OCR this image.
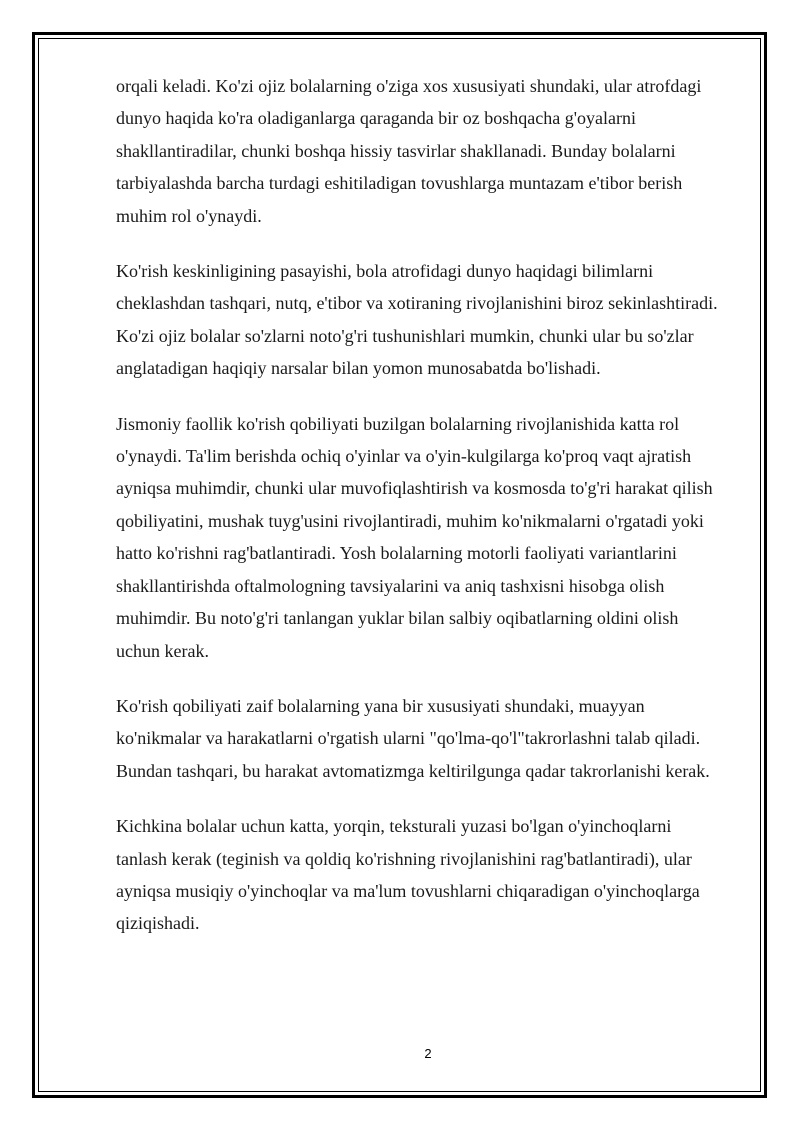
orqali keladi. Ko'zi ojiz bolalarning o'ziga xos xususiyati shundaki, ular atrofdagi dunyo haqida ko'ra oladiganlarga qaraganda bir oz boshqacha g'oyalarni shakllantiradilar, chunki boshqa hissiy tasvirlar shakllanadi. Bunday bolalarni tarbiyalashda barcha turdagi eshitiladigan tovushlarga muntazam e'tibor berish muhim rol o'ynaydi.

Ko'rish keskinligining pasayishi, bola atrofidagi dunyo haqidagi bilimlarni cheklashdan tashqari, nutq, e'tibor va xotiraning rivojlanishini biroz sekinlashtiradi. Ko'zi ojiz bolalar so'zlarni noto'g'ri tushunishlari mumkin, chunki ular bu so'zlar anglatadigan haqiqiy narsalar bilan yomon munosabatda bo'lishadi.

Jismoniy faollik ko'rish qobiliyati buzilgan bolalarning rivojlanishida katta rol o'ynaydi. Ta'lim berishda ochiq o'yinlar va o'yin-kulgilarga ko'proq vaqt ajratish ayniqsa muhimdir, chunki ular muvofiqlashtirish va kosmosda to'g'ri harakat qilish qobiliyatini, mushak tuyg'usini rivojlantiradi, muhim ko'nikmalarni o'rgatadi yoki hatto ko'rishni rag'batlantiradi. Yosh bolalarning motorli faoliyati variantlarini shakllantirishda oftalmologning tavsiyalarini va aniq tashxisni hisobga olish muhimdir. Bu noto'g'ri tanlangan yuklar bilan salbiy oqibatlarning oldini olish uchun kerak.

Ko'rish qobiliyati zaif bolalarning yana bir xususiyati shundaki, muayyan ko'nikmalar va harakatlarni o'rgatish ularni "qo'lma-qo'l"takrorlashni talab qiladi. Bundan tashqari, bu harakat avtomatizmga keltirilgunga qadar takrorlanishi kerak.

Kichkina bolalar uchun katta, yorqin, teksturali yuzasi bo'lgan o'yinchoqlarni tanlash kerak (teginish va qoldiq ko'rishning rivojlanishini rag'batlantiradi), ular ayniqsa musiqiy o'yinchoqlar va ma'lum tovushlarni chiqaradigan o'yinchoqlarga qiziqishadi.

2
